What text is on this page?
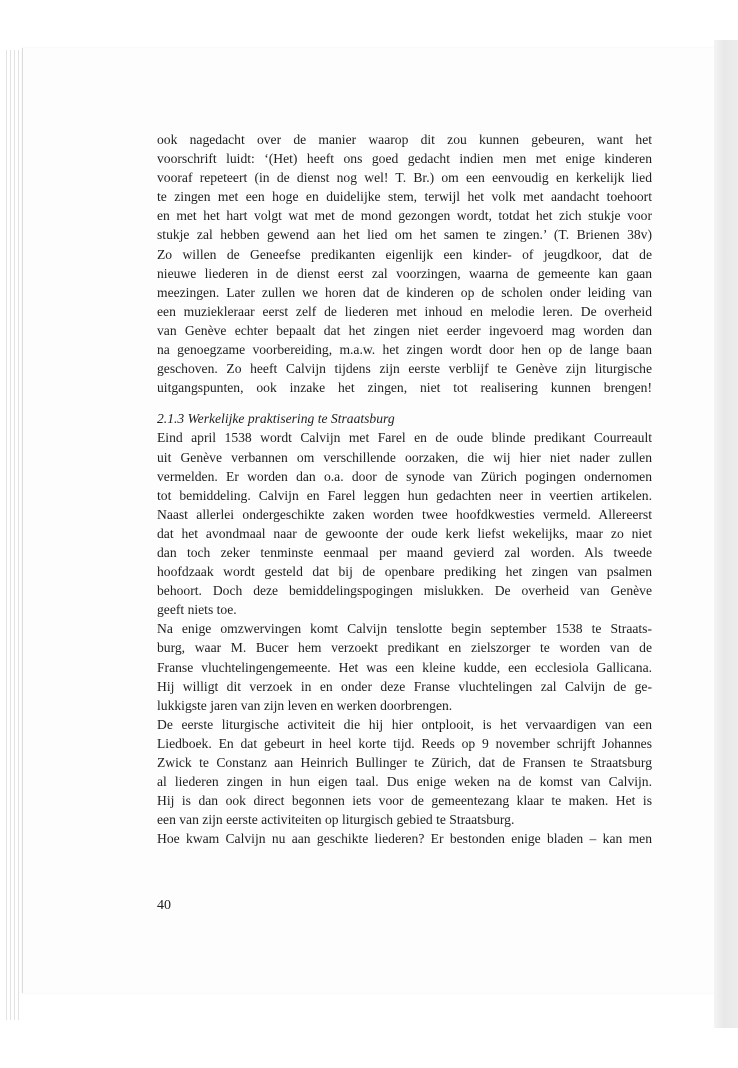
ook nagedacht over de manier waarop dit zou kunnen gebeuren, want het
voorschrift luidt: ‘(Het) heeft ons goed gedacht indien men met enige kinderen
vooraf repeteert (in de dienst nog wel! T. Br.) om een eenvoudig en kerkelijk lied
te zingen met een hoge en duidelijke stem, terwijl het volk met aandacht toehoort
en met het hart volgt wat met de mond gezongen wordt, totdat het zich stukje voor
stukje zal hebben gewend aan het lied om het samen te zingen.’ (T. Brienen 38v)
Zo willen de Geneefse predikanten eigenlijk een kinder- of jeugdkoor, dat de
nieuwe liederen in de dienst eerst zal voorzingen, waarna de gemeente kan gaan
meezingen. Later zullen we horen dat de kinderen op de scholen onder leiding van
een muziekleraar eerst zelf de liederen met inhoud en melodie leren. De overheid
van Genève echter bepaalt dat het zingen niet eerder ingevoerd mag worden dan
na genoegzame voorbereiding, m.a.w. het zingen wordt door hen op de lange baan
geschoven. Zo heeft Calvijn tijdens zijn eerste verblijf te Genève zijn liturgische
uitgangspunten, ook inzake het zingen, niet tot realisering kunnen brengen!
2.1.3 Werkelijke praktisering te Straatsburg
Eind april 1538 wordt Calvijn met Farel en de oude blinde predikant Courreault
uit Genève verbannen om verschillende oorzaken, die wij hier niet nader zullen
vermelden. Er worden dan o.a. door de synode van Zürich pogingen ondernomen
tot bemiddeling. Calvijn en Farel leggen hun gedachten neer in veertien artikelen.
Naast allerlei ondergeschikte zaken worden twee hoofdkwesties vermeld. Allereerst
dat het avondmaal naar de gewoonte der oude kerk liefst wekelijks, maar zo niet
dan toch zeker tenminste eenmaal per maand gevierd zal worden. Als tweede
hoofdzaak wordt gesteld dat bij de openbare prediking het zingen van psalmen
behoort. Doch deze bemiddelingspogingen mislukken. De overheid van Genève
geeft niets toe.
Na enige omzwervingen komt Calvijn tenslotte begin september 1538 te Straats-
burg, waar M. Bucer hem verzoekt predikant en zielszorger te worden van de
Franse vluchtelingengemeente. Het was een kleine kudde, een ecclesiola Gallicana.
Hij willigt dit verzoek in en onder deze Franse vluchtelingen zal Calvijn de ge-
lukkigste jaren van zijn leven en werken doorbrengen.
De eerste liturgische activiteit die hij hier ontplooit, is het vervaardigen van een
Liedboek. En dat gebeurt in heel korte tijd. Reeds op 9 november schrijft Johannes
Zwick te Constanz aan Heinrich Bullinger te Zürich, dat de Fransen te Straatsburg
al liederen zingen in hun eigen taal. Dus enige weken na de komst van Calvijn.
Hij is dan ook direct begonnen iets voor de gemeentezang klaar te maken. Het is
een van zijn eerste activiteiten op liturgisch gebied te Straatsburg.
Hoe kwam Calvijn nu aan geschikte liederen? Er bestonden enige bladen – kan men
40
